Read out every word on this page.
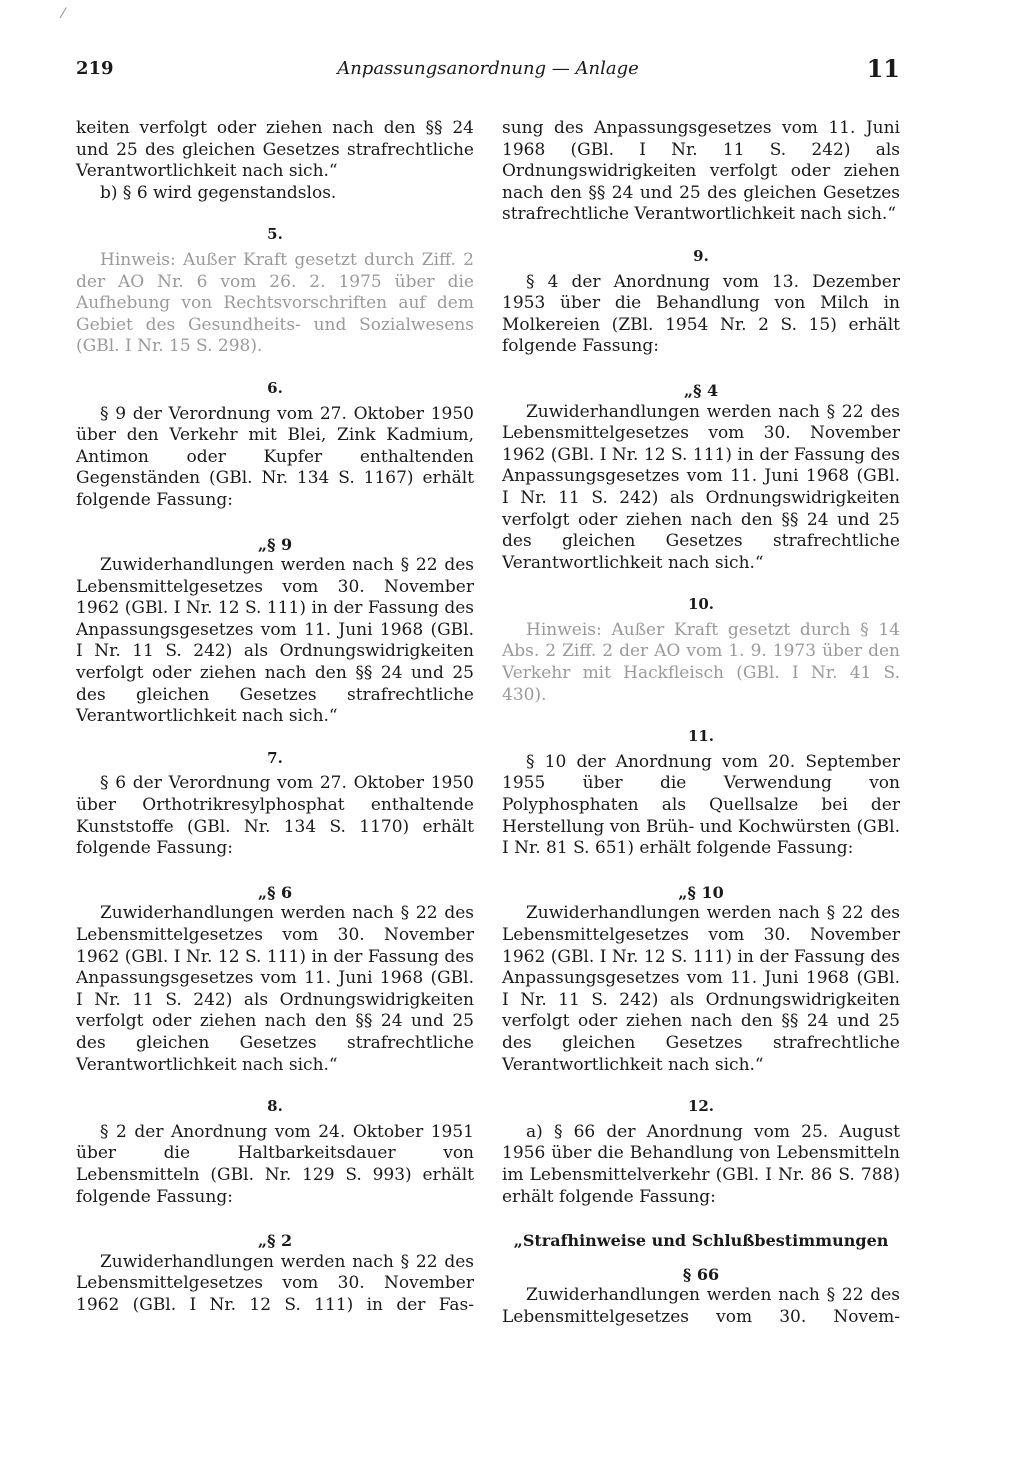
⁄
219	Anpassungsanordnung — Anlage	11

keiten verfolgt oder ziehen nach den §§ 24 und 25 des gleichen Gesetzes strafrechtliche Verantwortlichkeit nach sich.“

b) § 6 wird gegenstandslos.

5.

Hinweis: Außer Kraft gesetzt durch Ziff. 2 der AO Nr. 6 vom 26. 2. 1975 über die Aufhebung von Rechtsvorschriften auf dem Gebiet des Gesundheits- und Sozialwesens (GBl. I Nr. 15 S. 298).

6.

§ 9 der Verordnung vom 27. Oktober 1950 über den Verkehr mit Blei, Zink Kadmium, Antimon oder Kupfer enthaltenden Gegenständen (GBl. Nr. 134 S. 1167) erhält folgende Fassung:

„§ 9

Zuwiderhandlungen werden nach § 22 des Lebensmittelgesetzes vom 30. November 1962 (GBl. I Nr. 12 S. 111) in der Fassung des Anpassungsgesetzes vom 11. Juni 1968 (GBl. I Nr. 11 S. 242) als Ordnungswidrigkeiten verfolgt oder ziehen nach den §§ 24 und 25 des gleichen Gesetzes strafrechtliche Verantwortlichkeit nach sich.“

7.

§ 6 der Verordnung vom 27. Oktober 1950 über Orthotrikresylphosphat enthaltende Kunststoffe (GBl. Nr. 134 S. 1170) erhält folgende Fassung:

„§ 6

Zuwiderhandlungen werden nach § 22 des Lebensmittelgesetzes vom 30. November 1962 (GBl. I Nr. 12 S. 111) in der Fassung des Anpassungsgesetzes vom 11. Juni 1968 (GBl. I Nr. 11 S. 242) als Ordnungswidrigkeiten verfolgt oder ziehen nach den §§ 24 und 25 des gleichen Gesetzes strafrechtliche Verantwortlichkeit nach sich.“

8.

§ 2 der Anordnung vom 24. Oktober 1951 über die Haltbarkeitsdauer von Lebensmitteln (GBl. Nr. 129 S. 993) erhält folgende Fassung:

„§ 2

Zuwiderhandlungen werden nach § 22 des Lebensmittelgesetzes vom 30. November 1962 (GBl. I Nr. 12 S. 111) in der Fas-

sung des Anpassungsgesetzes vom 11. Juni 1968 (GBl. I Nr. 11 S. 242) als Ordnungswidrigkeiten verfolgt oder ziehen nach den §§ 24 und 25 des gleichen Gesetzes strafrechtliche Verantwortlichkeit nach sich.“

9.

§ 4 der Anordnung vom 13. Dezember 1953 über die Behandlung von Milch in Molkereien (ZBl. 1954 Nr. 2 S. 15) erhält folgende Fassung:

„§ 4

Zuwiderhandlungen werden nach § 22 des Lebensmittelgesetzes vom 30. November 1962 (GBl. I Nr. 12 S. 111) in der Fassung des Anpassungsgesetzes vom 11. Juni 1968 (GBl. I Nr. 11 S. 242) als Ordnungswidrigkeiten verfolgt oder ziehen nach den §§ 24 und 25 des gleichen Gesetzes strafrechtliche Verantwortlichkeit nach sich.“

10.

Hinweis: Außer Kraft gesetzt durch § 14 Abs. 2 Ziff. 2 der AO vom 1. 9. 1973 über den Verkehr mit Hackfleisch (GBl. I Nr. 41 S. 430).

11.

§ 10 der Anordnung vom 20. September 1955 über die Verwendung von Polyphosphaten als Quellsalze bei der Herstellung von Brüh- und Kochwürsten (GBl. I Nr. 81 S. 651) erhält folgende Fassung:

„§ 10

Zuwiderhandlungen werden nach § 22 des Lebensmittelgesetzes vom 30. November 1962 (GBl. I Nr. 12 S. 111) in der Fassung des Anpassungsgesetzes vom 11. Juni 1968 (GBl. I Nr. 11 S. 242) als Ordnungswidrigkeiten verfolgt oder ziehen nach den §§ 24 und 25 des gleichen Gesetzes strafrechtliche Verantwortlichkeit nach sich.“

12.

a) § 66 der Anordnung vom 25. August 1956 über die Behandlung von Lebensmitteln im Lebensmittelverkehr (GBl. I Nr. 86 S. 788) erhält folgende Fassung:

„Strafhinweise und Schlußbestimmungen

§ 66

Zuwiderhandlungen werden nach § 22 des Lebensmittelgesetzes vom 30. Novem-
